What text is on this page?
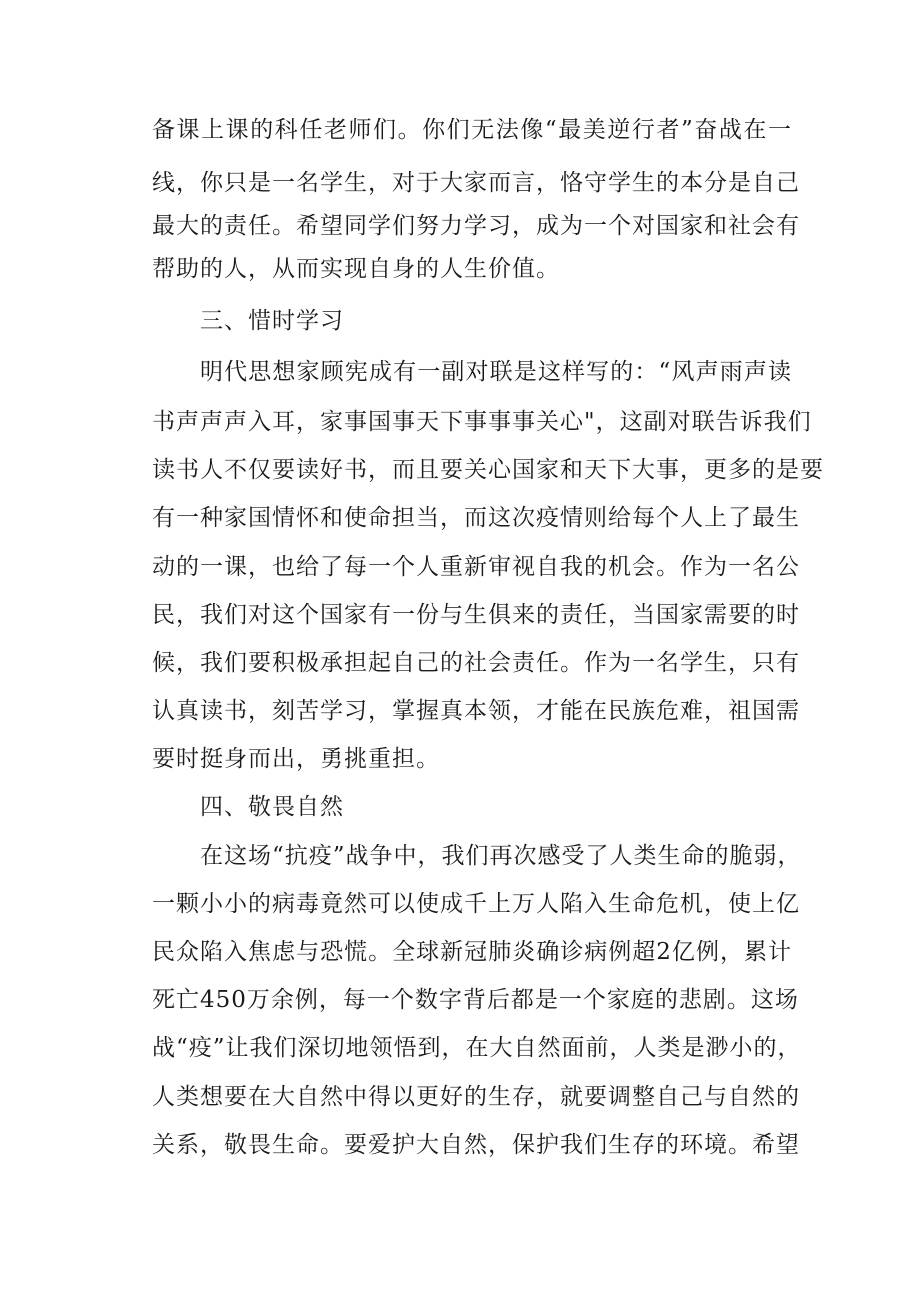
备课上课的科任老师们。你们无法像“最美逆行者”奋战在一
线，你只是一名学生，对于大家而言，恪守学生的本分是自己
最大的责任。希望同学们努力学习，成为一个对国家和社会有
帮助的人，从而实现自身的人生价值。
三、惜时学习
明代思想家顾宪成有一副对联是这样写的：“风声雨声读
书声声声入耳，家事国事天下事事事关心"，这副对联告诉我们
读书人不仅要读好书，而且要关心国家和天下大事，更多的是要
有一种家国情怀和使命担当，而这次疫情则给每个人上了最生
动的一课，也给了每一个人重新审视自我的机会。作为一名公
民，我们对这个国家有一份与生俱来的责任，当国家需要的时
候，我们要积极承担起自己的社会责任。作为一名学生，只有
认真读书，刻苦学习，掌握真本领，才能在民族危难，祖国需
要时挺身而出，勇挑重担。
四、敬畏自然
在这场“抗疫”战争中，我们再次感受了人类生命的脆弱，
一颗小小的病毒竟然可以使成千上万人陷入生命危机，使上亿
民众陷入焦虑与恐慌。全球新冠肺炎确诊病例超2亿例，累计
死亡450万余例，每一个数字背后都是一个家庭的悲剧。这场
战“疫”让我们深切地领悟到，在大自然面前，人类是渺小的，
人类想要在大自然中得以更好的生存，就要调整自己与自然的
关系，敬畏生命。要爱护大自然，保护我们生存的环境。希望
